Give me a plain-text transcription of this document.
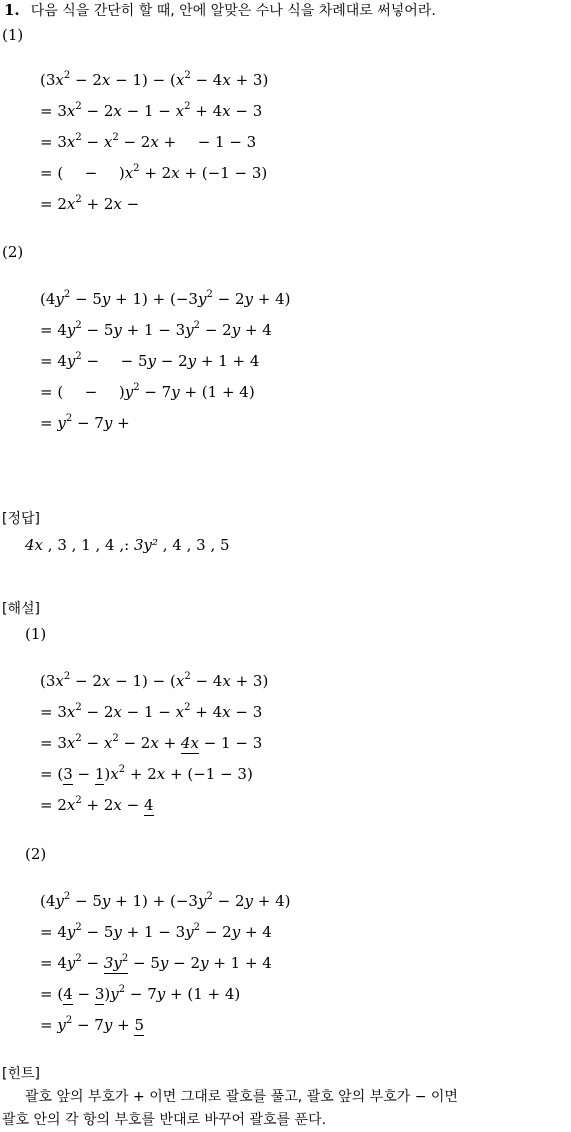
1. 다음 식을 간단히 할 때, 안에 알맞은 수나 식을 차례대로 써넣어라.
(1)
$(3x^2 - 2x - 1) - (x^2 - 4x + 3)$
= $3x^2 - 2x - 1 - x^2 + 4x - 3$
= $3x^2 - x^2 - 2x$ +  − 1 − 3
= (  −  )$x^2 + 2x + (-1 - 3)$
= $2x^2 + 2x$ −
(2)
$(4y^2 - 5y + 1) + (-3y^2 - 2y + 4)$
= $4y^2 - 5y + 1 - 3y^2 - 2y + 4$
= $4y^2$ −  − 5y − 2y + 1 + 4
= (  −  )$y^2 - 7y + (1 + 4)$
= $y^2 - 7y$ +
[정답]
4x , 3 , 1 , 4 ,: 3y² , 4 , 3 , 5
[해설]
(1)
$(3x^2 - 2x - 1) - (x^2 - 4x + 3)$
= $3x^2 - 2x - 1 - x^2 + 4x - 3$
= $3x^2 - x^2 - 2x + 4x - 1 - 3$
= $(3 - 1)x^2 + 2x + (-1 - 3)$
= $2x^2 + 2x - 4$
(2)
$(4y^2 - 5y + 1) + (-3y^2 - 2y + 4)$
= $4y^2 - 5y + 1 - 3y^2 - 2y + 4$
= $4y^2 - 3y^2 - 5y - 2y + 1 + 4$
= $(4 - 3)y^2 - 7y + (1 + 4)$
= $y^2 - 7y + 5$
[힌트]
괄호 앞의 부호가 + 이면 그대로 괄호를 풀고, 괄호 앞의 부호가 − 이면
괄호 안의 각 항의 부호를 반대로 바꾸어 괄호를 푼다.
